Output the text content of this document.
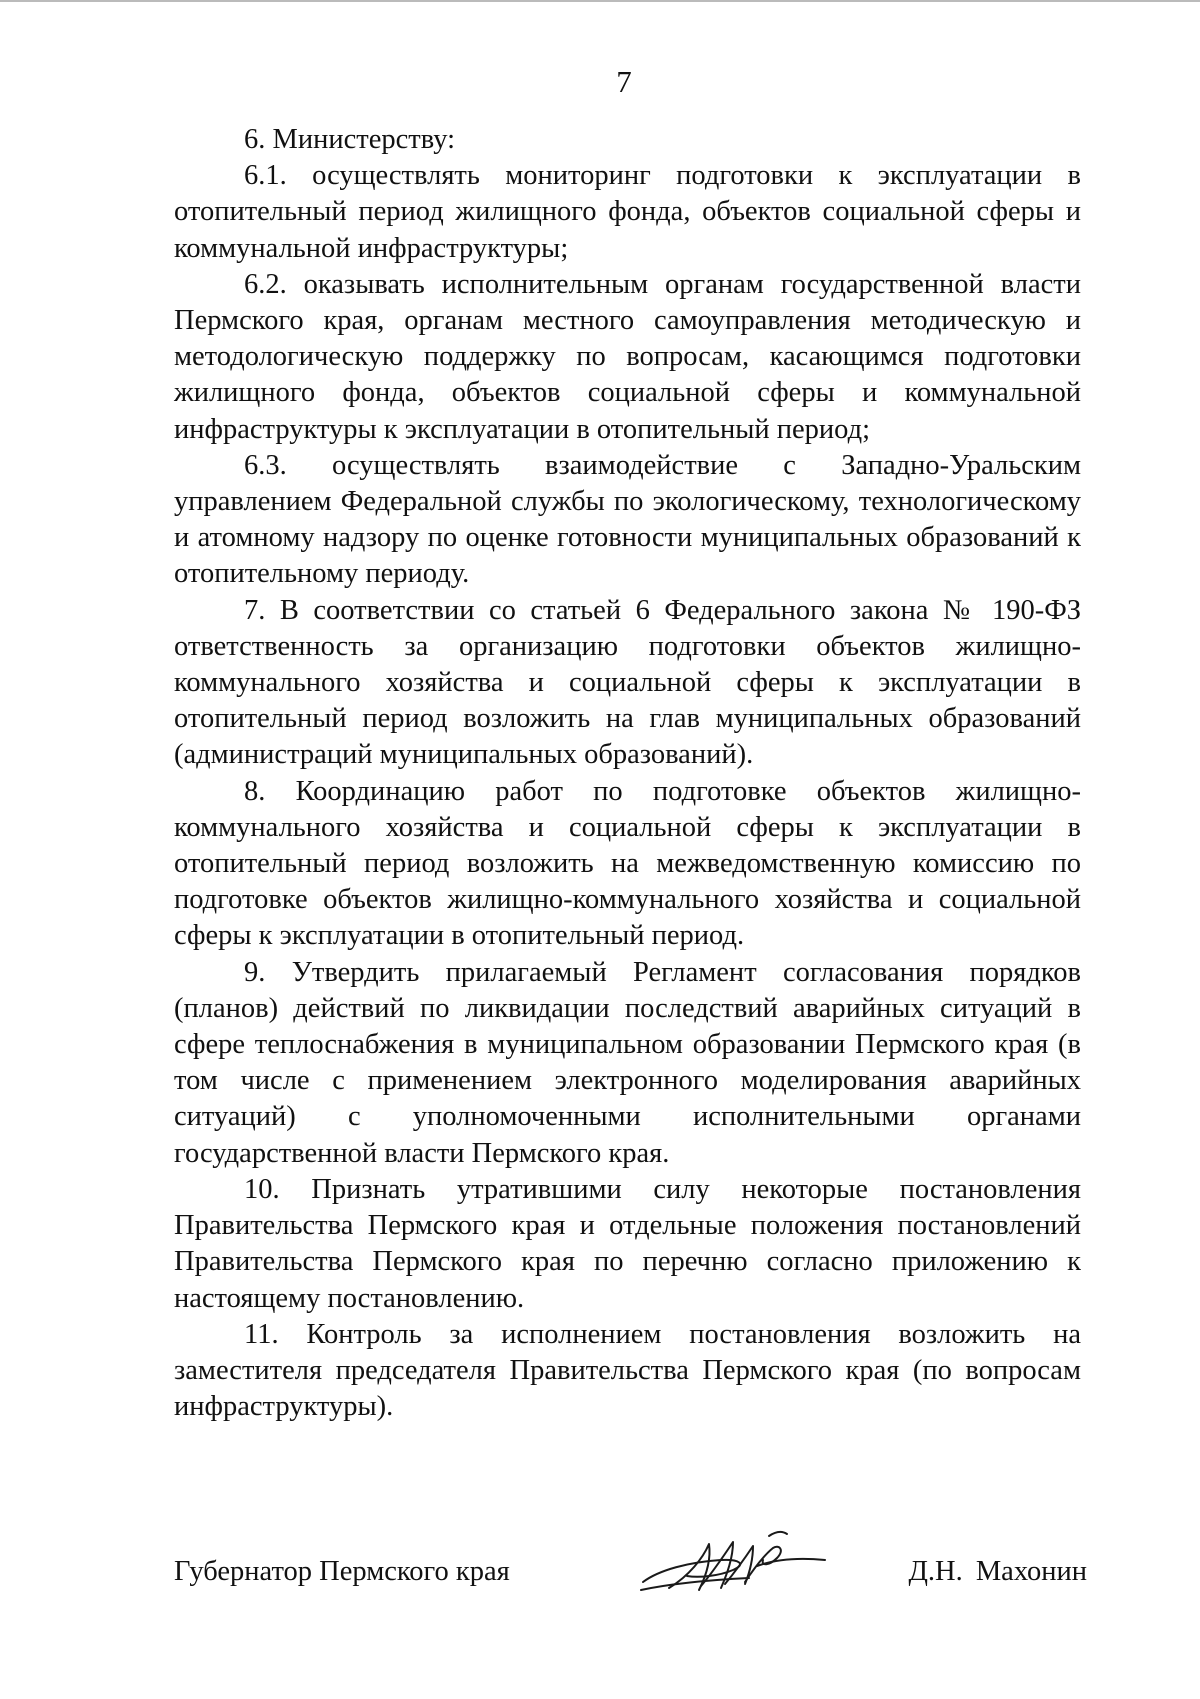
7

6. Министерству:

6.1. осуществлять мониторинг подготовки к эксплуатации в отопительный период жилищного фонда, объектов социальной сферы и коммунальной инфраструктуры;

6.2. оказывать исполнительным органам государственной власти Пермского края, органам местного самоуправления методическую и методологическую поддержку по вопросам, касающимся подготовки жилищного фонда, объектов социальной сферы и коммунальной инфраструктуры к эксплуатации в отопительный период;

6.3. осуществлять взаимодействие с Западно-Уральским управлением Федеральной службы по экологическому, технологическому и атомному надзору по оценке готовности муниципальных образований к отопительному периоду.

7. В соответствии со статьей 6 Федерального закона № 190-ФЗ ответственность за организацию подготовки объектов жилищно-коммунального хозяйства и социальной сферы к эксплуатации в отопительный период возложить на глав муниципальных образований (администраций муниципальных образований).

8. Координацию работ по подготовке объектов жилищно-коммунального хозяйства и социальной сферы к эксплуатации в отопительный период возложить на межведомственную комиссию по подготовке объектов жилищно-коммунального хозяйства и социальной сферы к эксплуатации в отопительный период.

9. Утвердить прилагаемый Регламент согласования порядков (планов) действий по ликвидации последствий аварийных ситуаций в сфере теплоснабжения в муниципальном образовании Пермского края (в том числе с применением электронного моделирования аварийных ситуаций) с уполномоченными исполнительными органами государственной власти Пермского края.

10. Признать утратившими силу некоторые постановления Правительства Пермского края и отдельные положения постановлений Правительства Пермского края по перечню согласно приложению к настоящему постановлению.

11. Контроль за исполнением постановления возложить на заместителя председателя Правительства Пермского края (по вопросам инфраструктуры).

Губернатор Пермского края	Д.Н. Махонин
